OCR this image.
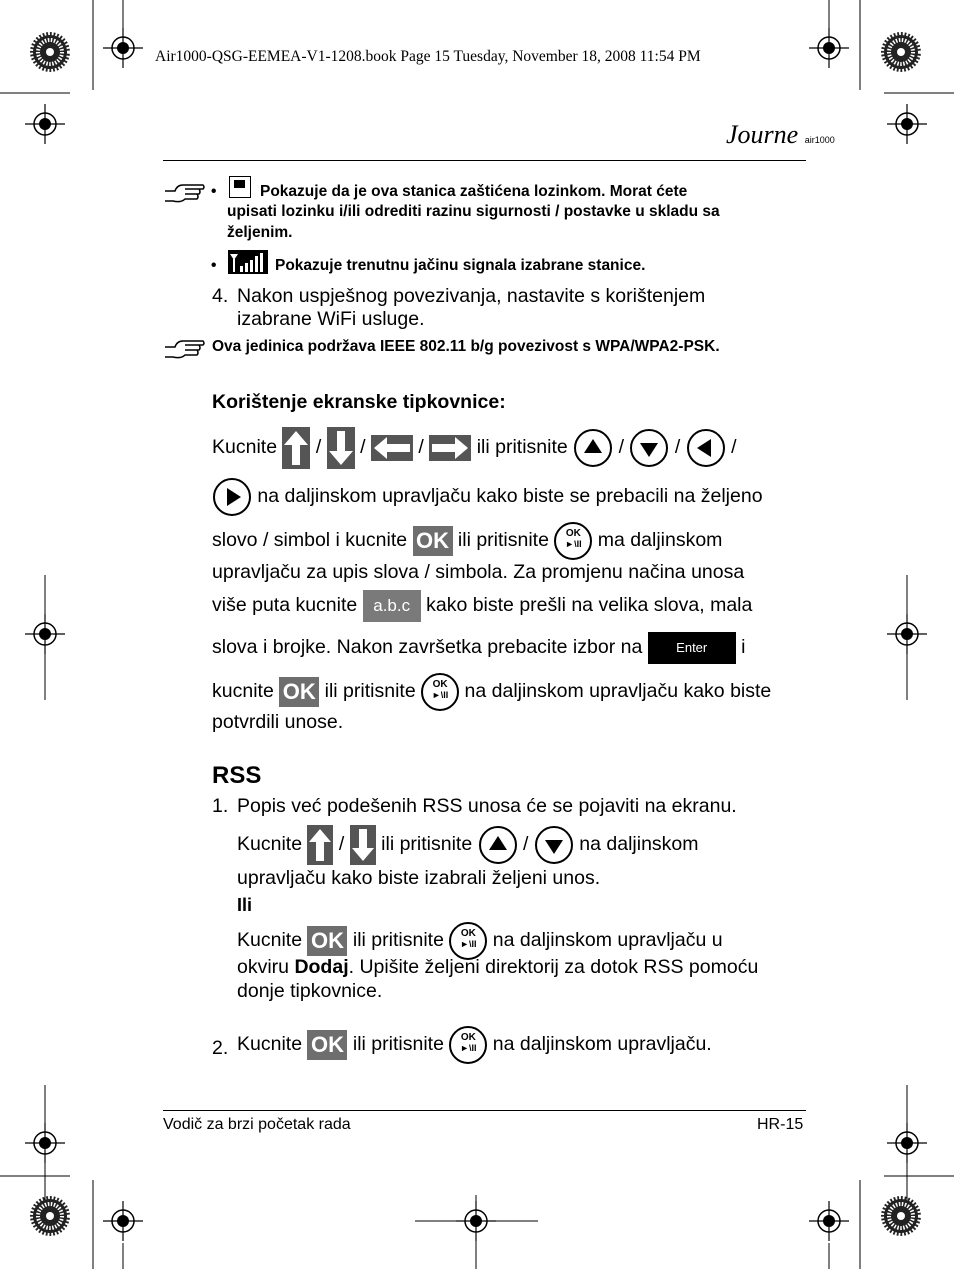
Air1000-QSG-EEMEA-V1-1208.book Page 15 Tuesday, November 18, 2008 11:54 PM
Journe air1000
•	Pokazuje da je ova stanica zaštićena lozinkom. Morat ćete
upisati lozinku i/ili odrediti razinu sigurnosti / postavke u skladu sa
željenim.
•	Pokazuje trenutnu jačinu signala izabrane stanice.
4. Nakon uspješnog povezivanja, nastavite s korištenjem
izabrane WiFi usluge.
Ova jedinica podržava IEEE 802.11 b/g povezivost s WPA/WPA2-PSK.
Korištenje ekranske tipkovnice:
Kucnite / /	/	ili pritisnite	/	/	/
na daljinskom upravljaču kako biste se prebacili na željeno
slovo / simbol i kucnite OK ili pritisnite OK
►\II ma daljinskom
upravljaču za upis slova / simbola. Za promjenu načina unosa
više puta kucnite a.b.c kako biste prešli na velika slova, mala
slova i brojke. Nakon završetka prebacite izbor na	Enter i
kucnite OK ili pritisnite OK
►\II na daljinskom upravljaču kako biste
potvrdili unose.
RSS
1. Popis već podešenih RSS unosa će se pojaviti na ekranu.
Kucnite / ili pritisnite	/	na daljinskom
upravljaču kako biste izabrali željeni unos.
Ili
Kucnite OK ili pritisnite OK
►\II na daljinskom upravljaču u
okviru Dodaj. Upišite željeni direktorij za dotok RSS pomoću
donje tipkovnice.
2. Kucnite OK ili pritisnite OK
►\II na daljinskom upravljaču.
Vodič za brzi početak rada	HR-15
